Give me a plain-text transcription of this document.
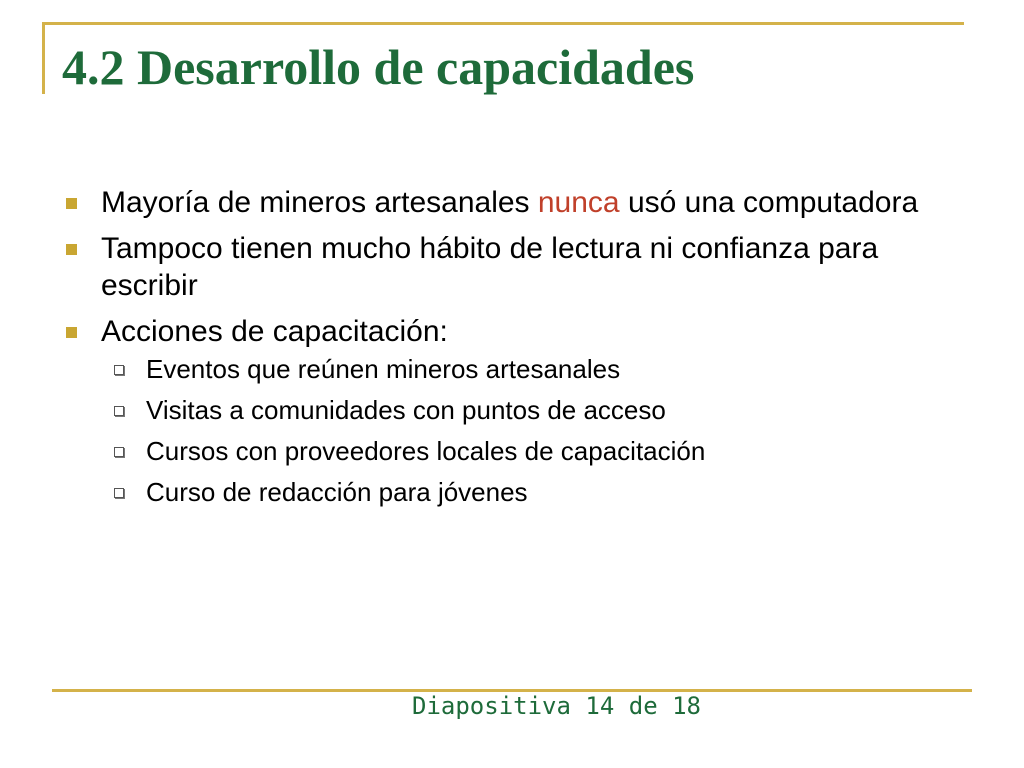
4.2 Desarrollo de capacidades
Mayoría de mineros artesanales nunca usó una computadora
Tampoco tienen mucho hábito de lectura ni confianza para escribir
Acciones de capacitación:
Eventos que reúnen mineros artesanales
Visitas a comunidades con puntos de acceso
Cursos con proveedores locales de capacitación
Curso de redacción para jóvenes
Diapositiva 14 de 18
